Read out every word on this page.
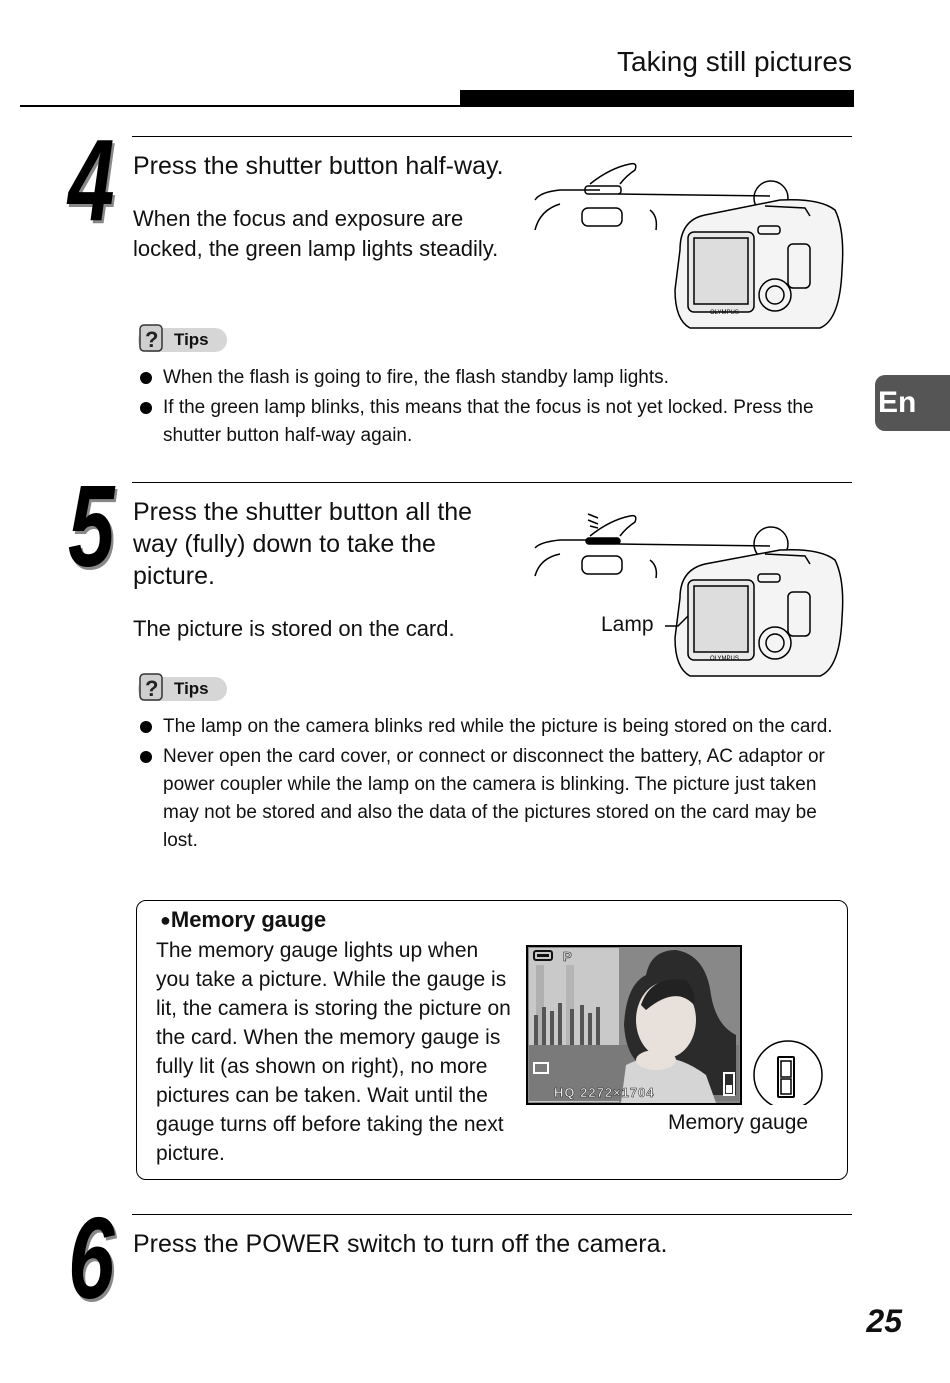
Taking still pictures
En
4 Press the shutter button half-way.
When the focus and exposure are locked, the green lamp lights steadily.
OLYMPUS
? Tips

When the flash is going to fire, the flash standby lamp lights.

If the green lamp blinks, this means that the focus is not yet locked. Press the shutter button half-way again.

5 Press the shutter button all the way (fully) down to take the picture.
The picture is stored on the card.
OLYMPUS
Lamp
? Tips

The lamp on the camera blinks red while the picture is being stored on the card.

Never open the card cover, or connect or disconnect the battery, AC adaptor or power coupler while the lamp on the camera is blinking. The picture just taken may not be stored and also the data of the pictures stored on the card may be lost.

●Memory gauge
The memory gauge lights up when you take a picture. While the gauge is lit, the camera is storing the picture on the card. When the memory gauge is fully lit (as shown on right), no more pictures can be taken. Wait until the gauge turns off before taking the next picture.
P
HQ 2272×1704
Memory gauge
6 Press the POWER switch to turn off the camera.
25
